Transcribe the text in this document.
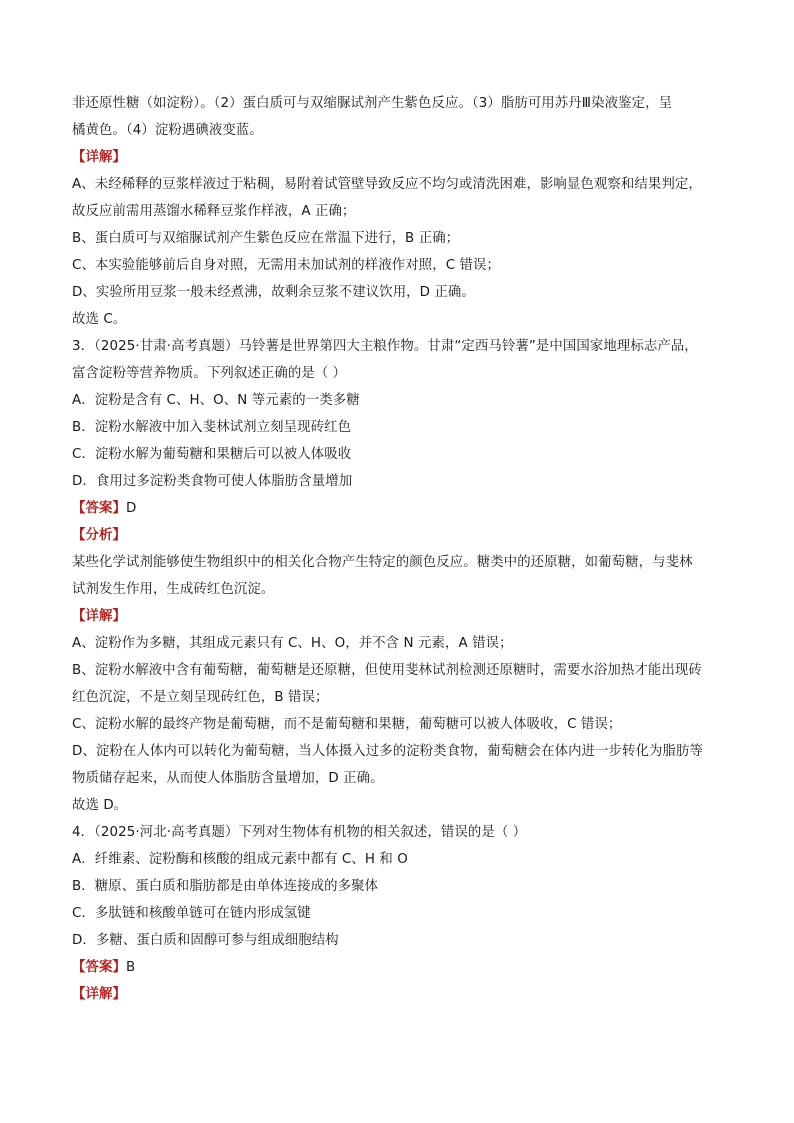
非还原性糖（如淀粉）。（2）蛋白质可与双缩脲试剂产生紫色反应。（3）脂肪可用苏丹Ⅲ染液鉴定，呈
橘黄色。（4）淀粉遇碘液变蓝。
【详解】
A、未经稀释的豆浆样液过于粘稠，易附着试管壁导致反应不均匀或清洗困难，影响显色观察和结果判定，
故反应前需用蒸馏水稀释豆浆作样液，A 正确；
B、蛋白质可与双缩脲试剂产生紫色反应在常温下进行，B 正确；
C、本实验能够前后自身对照，无需用未加试剂的样液作对照，C 错误；
D、实验所用豆浆一般未经煮沸，故剩余豆浆不建议饮用，D 正确。
故选 C。
3．（2025·甘肃·高考真题）马铃薯是世界第四大主粮作物。甘肃“定西马铃薯”是中国国家地理标志产品，
富含淀粉等营养物质。下列叙述正确的是（ ）
A．淀粉是含有 C、H、O、N 等元素的一类多糖
B．淀粉水解液中加入斐林试剂立刻呈现砖红色
C．淀粉水解为葡萄糖和果糖后可以被人体吸收
D．食用过多淀粉类食物可使人体脂肪含量增加
【答案】D
【分析】
某些化学试剂能够使生物组织中的相关化合物产生特定的颜色反应。糖类中的还原糖，如葡萄糖，与斐林
试剂发生作用，生成砖红色沉淀。
【详解】
A、淀粉作为多糖，其组成元素只有 C、H、O，并不含 N 元素，A 错误；
B、淀粉水解液中含有葡萄糖，葡萄糖是还原糖，但使用斐林试剂检测还原糖时，需要水浴加热才能出现砖
红色沉淀，不是立刻呈现砖红色，B 错误；
C、淀粉水解的最终产物是葡萄糖，而不是葡萄糖和果糖，葡萄糖可以被人体吸收，C 错误；
D、淀粉在人体内可以转化为葡萄糖，当人体摄入过多的淀粉类食物，葡萄糖会在体内进一步转化为脂肪等
物质储存起来，从而使人体脂肪含量增加，D 正确。
故选 D。
4．（2025·河北·高考真题）下列对生物体有机物的相关叙述，错误的是（ ）
A．纤维素、淀粉酶和核酸的组成元素中都有 C、H 和 O
B．糖原、蛋白质和脂肪都是由单体连接成的多聚体
C．多肽链和核酸单链可在链内形成氢键
D．多糖、蛋白质和固醇可参与组成细胞结构
【答案】B
【详解】
